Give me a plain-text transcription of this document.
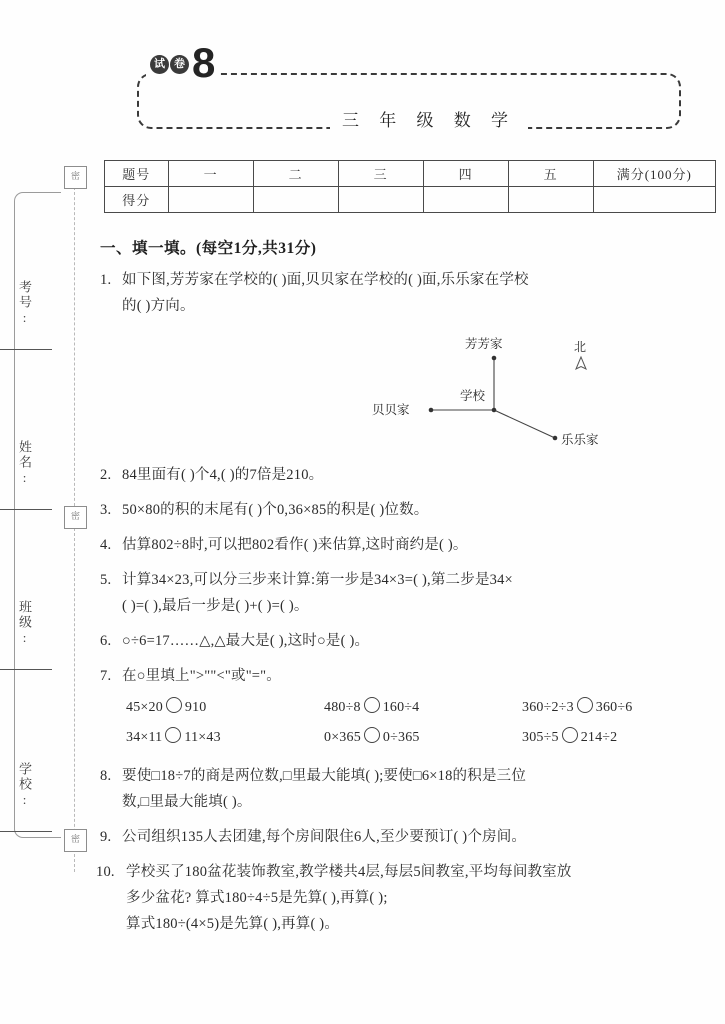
密
密
密
考号:
姓名:
班级:
学校:
试 卷 8
三 年 级 数 学
题号	一	二	三	四	五	满分(100分)
得分						

一、填一填。(每空1分,共31分)

1. 如下图,芳芳家在学校的( )面,贝贝家在学校的( )面,乐乐家在学校
的( )方向。
芳芳家
贝贝家
学校
乐乐家
北
2. 84里面有( )个4,( )的7倍是210。
3. 50×80的积的末尾有( )个0,36×85的积是( )位数。
4. 估算802÷8时,可以把802看作( )来估算,这时商约是( )。
5. 计算34×23,可以分三步来计算:第一步是34×3=( ),第二步是34×
( )=( ),最后一步是( )+( )=( )。
6. ○÷6=17……△,△最大是( ),这时○是( )。
7. 在○里填上">""<"或"="。
45×20 910	480÷8 160÷4	360÷2÷3 360÷6
34×11 11×43	0×365 0÷365	305÷5 214÷2
8. 要使□18÷7的商是两位数,□里最大能填( );要使□6×18的积是三位
数,□里最大能填( )。
9. 公司组织135人去团建,每个房间限住6人,至少要预订( )个房间。
10. 学校买了180盆花装饰教室,教学楼共4层,每层5间教室,平均每间教室放
多少盆花? 算式180÷4÷5是先算( ),再算( );
算式180÷(4×5)是先算( ),再算( )。
